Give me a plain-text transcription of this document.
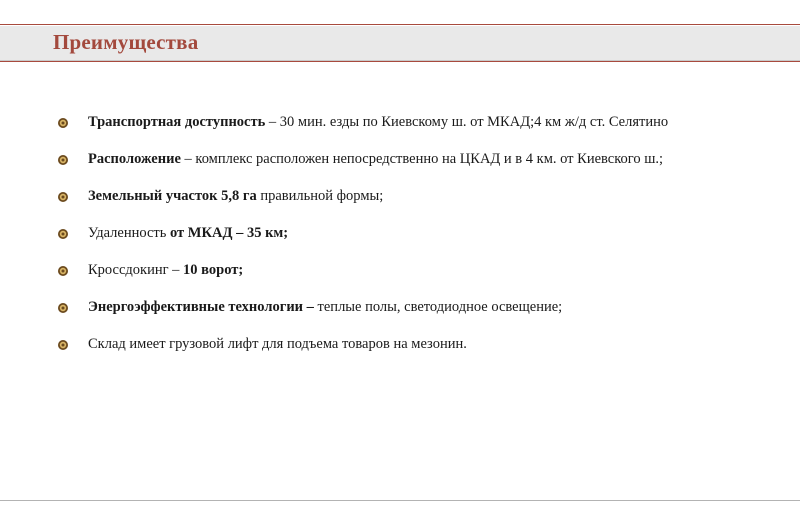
Преимущества
Транспортная доступность – 30 мин. езды по Киевскому ш. от МКАД;4 км ж/д ст. Селятино
Расположение – комплекс расположен непосредственно на ЦКАД и в 4 км. от Киевского ш.;
Земельный участок 5,8 га правильной формы;
Удаленность от МКАД – 35 км;
Кроссдокинг – 10 ворот;
Энергоэффективные технологии – теплые полы, светодиодное освещение;
Склад имеет грузовой лифт для подъема товаров на мезонин.
